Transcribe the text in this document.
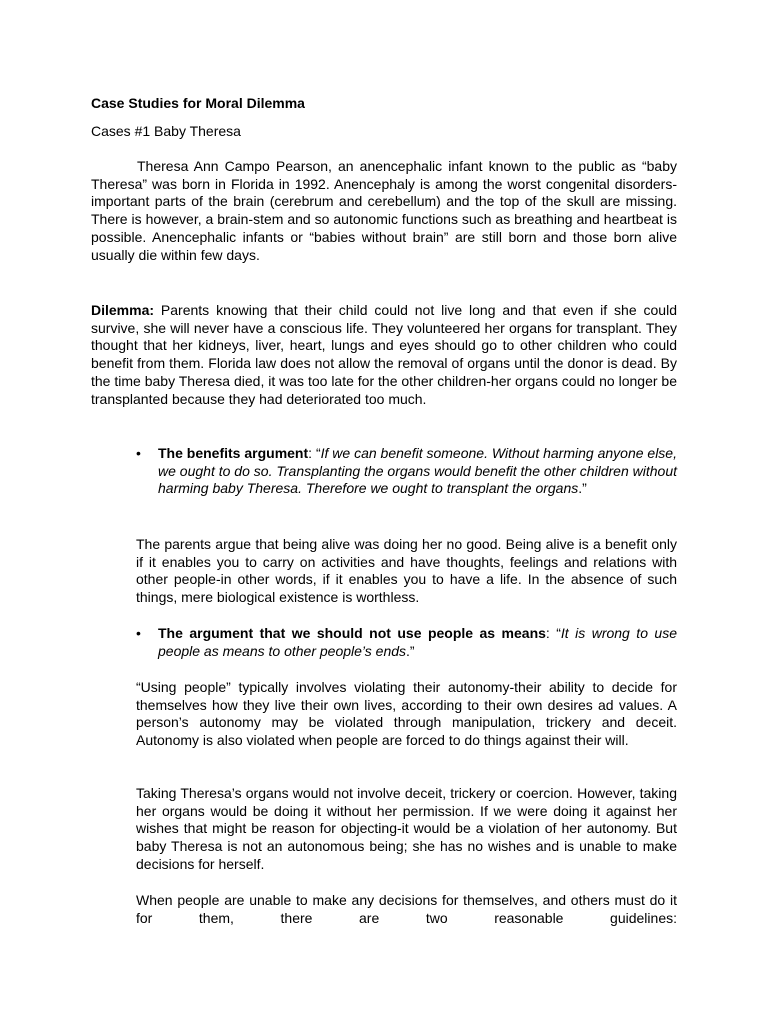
Case Studies for Moral Dilemma
Cases #1 Baby Theresa

Theresa Ann Campo Pearson, an anencephalic infant known to the public as “baby Theresa” was born in Florida in 1992. Anencephaly is among the worst congenital disorders- important parts of the brain (cerebrum and cerebellum) and the top of the skull are missing. There is however, a brain-stem and so autonomic functions such as breathing and heartbeat is possible. Anencephalic infants or “babies without brain” are still born and those born alive usually die within few days.

Dilemma: Parents knowing that their child could not live long and that even if she could survive, she will never have a conscious life. They volunteered her organs for transplant. They thought that her kidneys, liver, heart, lungs and eyes should go to other children who could benefit from them. Florida law does not allow the removal of organs until the donor is dead. By the time baby Theresa died, it was too late for the other children-her organs could no longer be transplanted because they had deteriorated too much.

• The benefits argument: “If we can benefit someone. Without harming anyone else, we ought to do so. Transplanting the organs would benefit the other children without harming baby Theresa. Therefore we ought to transplant the organs.”

The parents argue that being alive was doing her no good. Being alive is a benefit only if it enables you to carry on activities and have thoughts, feelings and relations with other people-in other words, if it enables you to have a life. In the absence of such things, mere biological existence is worthless.

• The argument that we should not use people as means: “It is wrong to use people as means to other people’s ends.”

“Using people” typically involves violating their autonomy-their ability to decide for themselves how they live their own lives, according to their own desires ad values. A person’s autonomy may be violated through manipulation, trickery and deceit. Autonomy is also violated when people are forced to do things against their will.

Taking Theresa’s organs would not involve deceit, trickery or coercion. However, taking her organs would be doing it without her permission. If we were doing it against her wishes that might be reason for objecting-it would be a violation of her autonomy. But baby Theresa is not an autonomous being; she has no wishes and is unable to make decisions for herself.

When people are unable to make any decisions for themselves, and others must do it for them, there are two reasonable guidelines:
